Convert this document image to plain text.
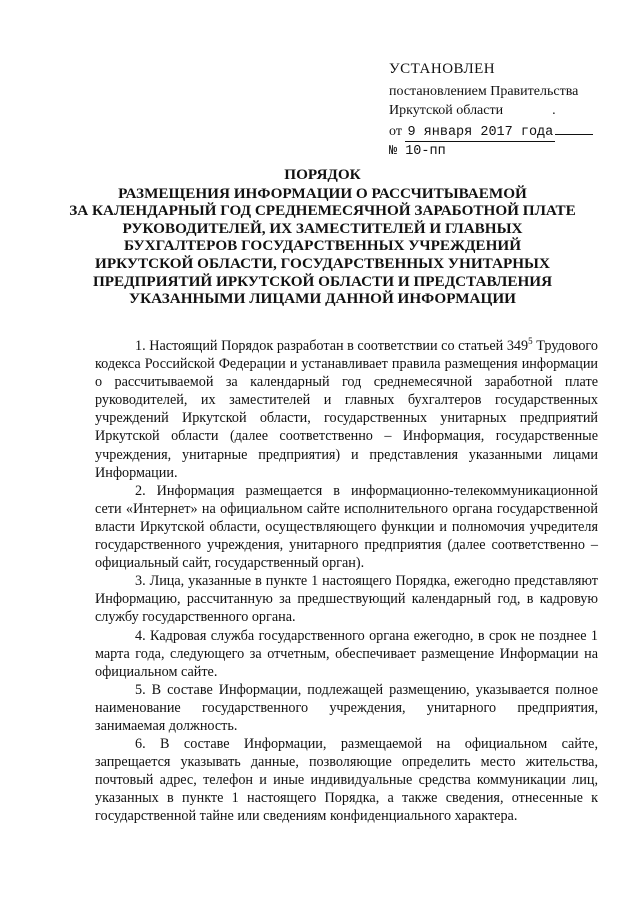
УСТАНОВЛЕН
постановлением Правительства
Иркутской области	.
от 9 января 2017 года
№ 10-пп
ПОРЯДОК
РАЗМЕЩЕНИЯ ИНФОРМАЦИИ О РАССЧИТЫВАЕМОЙ
ЗА КАЛЕНДАРНЫЙ ГОД СРЕДНЕМЕСЯЧНОЙ ЗАРАБОТНОЙ ПЛАТЕ
РУКОВОДИТЕЛЕЙ, ИХ ЗАМЕСТИТЕЛЕЙ И ГЛАВНЫХ
БУХГАЛТЕРОВ ГОСУДАРСТВЕННЫХ УЧРЕЖДЕНИЙ
ИРКУТСКОЙ ОБЛАСТИ, ГОСУДАРСТВЕННЫХ УНИТАРНЫХ
ПРЕДПРИЯТИЙ ИРКУТСКОЙ ОБЛАСТИ И ПРЕДСТАВЛЕНИЯ
УКАЗАННЫМИ ЛИЦАМИ ДАННОЙ ИНФОРМАЦИИ

1. Настоящий Порядок разработан в соответствии со статьей $349^5$ Трудового кодекса Российской Федерации и устанавливает правила размещения информации о рассчитываемой за календарный год среднемесячной заработной плате руководителей, их заместителей и главных бухгалтеров государственных учреждений Иркутской области, государственных унитарных предприятий Иркутской области (далее соответственно – Информация, государственные учреждения, унитарные предприятия) и представления указанными лицами Информации.

2. Информация размещается в информационно-телекоммуникационной сети «Интернет» на официальном сайте исполнительного органа государственной власти Иркутской области, осуществляющего функции и полномочия учредителя государственного учреждения, унитарного предприятия (далее соответственно – официальный сайт, государственный орган).

3. Лица, указанные в пункте 1 настоящего Порядка, ежегодно представляют Информацию, рассчитанную за предшествующий календарный год, в кадровую службу государственного органа.

4. Кадровая служба государственного органа ежегодно, в срок не позднее 1 марта года, следующего за отчетным, обеспечивает размещение Информации на официальном сайте.

5. В составе Информации, подлежащей размещению, указывается полное наименование государственного учреждения, унитарного предприятия, занимаемая должность.

6. В составе Информации, размещаемой на официальном сайте, запрещается указывать данные, позволяющие определить место жительства, почтовый адрес, телефон и иные индивидуальные средства коммуникации лиц, указанных в пункте 1 настоящего Порядка, а также сведения, отнесенные к государственной тайне или сведениям конфиденциального характера.
